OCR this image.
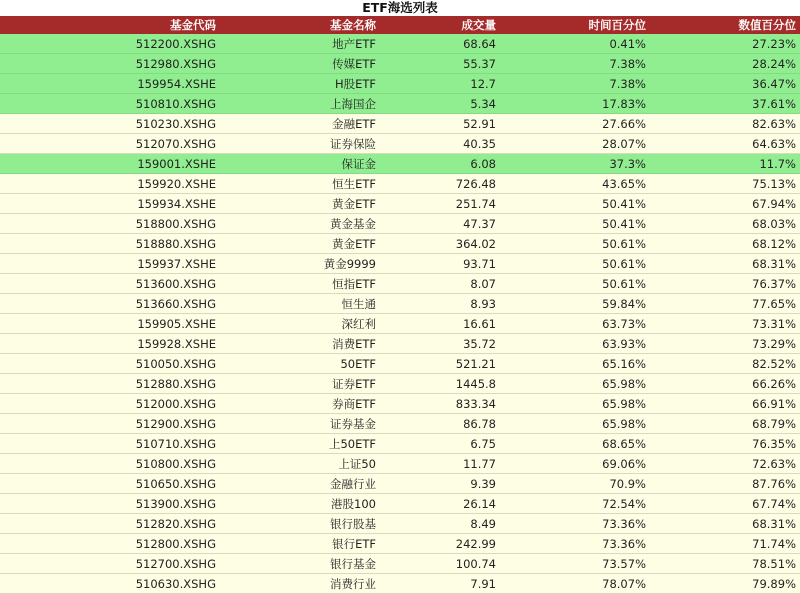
ETF海选列表
基金代码	基金名称	成交量	时间百分位	数值百分位
512200.XSHG	地产ETF	68.64	0.41%	27.23%
512980.XSHG	传媒ETF	55.37	7.38%	28.24%
159954.XSHE	H股ETF	12.7	7.38%	36.47%
510810.XSHG	上海国企	5.34	17.83%	37.61%
510230.XSHG	金融ETF	52.91	27.66%	82.63%
512070.XSHG	证券保险	40.35	28.07%	64.63%
159001.XSHE	保证金	6.08	37.3%	11.7%
159920.XSHE	恒生ETF	726.48	43.65%	75.13%
159934.XSHE	黄金ETF	251.74	50.41%	67.94%
518800.XSHG	黄金基金	47.37	50.41%	68.03%
518880.XSHG	黄金ETF	364.02	50.61%	68.12%
159937.XSHE	黄金9999	93.71	50.61%	68.31%
513600.XSHG	恒指ETF	8.07	50.61%	76.37%
513660.XSHG	恒生通	8.93	59.84%	77.65%
159905.XSHE	深红利	16.61	63.73%	73.31%
159928.XSHE	消费ETF	35.72	63.93%	73.29%
510050.XSHG	50ETF	521.21	65.16%	82.52%
512880.XSHG	证券ETF	1445.8	65.98%	66.26%
512000.XSHG	券商ETF	833.34	65.98%	66.91%
512900.XSHG	证券基金	86.78	65.98%	68.79%
510710.XSHG	上50ETF	6.75	68.65%	76.35%
510800.XSHG	上证50	11.77	69.06%	72.63%
510650.XSHG	金融行业	9.39	70.9%	87.76%
513900.XSHG	港股100	26.14	72.54%	67.74%
512820.XSHG	银行股基	8.49	73.36%	68.31%
512800.XSHG	银行ETF	242.99	73.36%	71.74%
512700.XSHG	银行基金	100.74	73.57%	78.51%
510630.XSHG	消费行业	7.91	78.07%	79.89%
